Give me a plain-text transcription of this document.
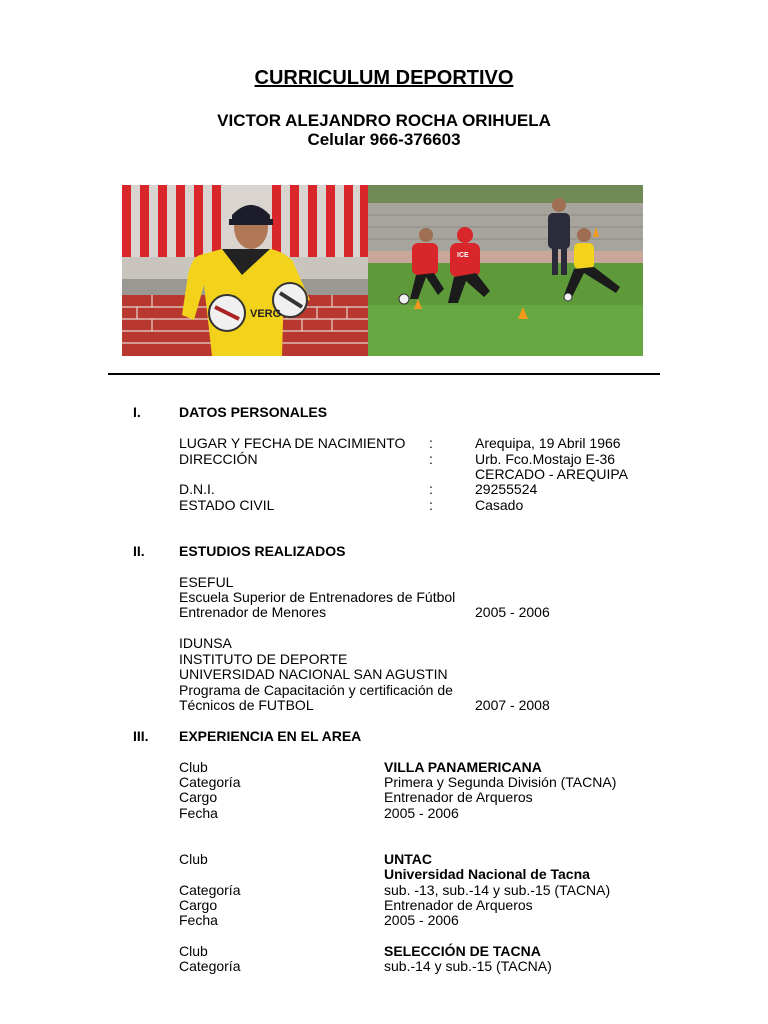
CURRICULUM DEPORTIVO
VICTOR ALEJANDRO ROCHA ORIHUELA
Celular 966-376603
VERG
ICE
I.	DATOS PERSONALES
LUGAR Y FECHA DE NACIMIENTO :	Arequipa, 19 Abril 1966
DIRECCIÓN	:	Urb. Fco.Mostajo E-36
CERCADO - AREQUIPA
D.N.I.	:	29255524
ESTADO CIVIL	:	Casado
II. ESTUDIOS REALIZADOS
ESEFUL
Escuela Superior de Entrenadores de Fútbol
Entrenador de Menores	2005 - 2006
IDUNSA
INSTITUTO DE DEPORTE
UNIVERSIDAD NACIONAL SAN AGUSTIN
Programa de Capacitación y certificación de
Técnicos de FUTBOL	2007 - 2008
III. EXPERIENCIA EN EL AREA
Club	VILLA PANAMERICANA
Categoría	Primera y Segunda División (TACNA)
Cargo	Entrenador de Arqueros
Fecha	2005 - 2006
Club	UNTAC
Universidad Nacional de Tacna
Categoría	sub. -13, sub.-14 y sub.-15 (TACNA)
Cargo	Entrenador de Arqueros
Fecha	2005 - 2006
Club	SELECCIÓN DE TACNA
Categoría	sub.-14 y sub.-15 (TACNA)
